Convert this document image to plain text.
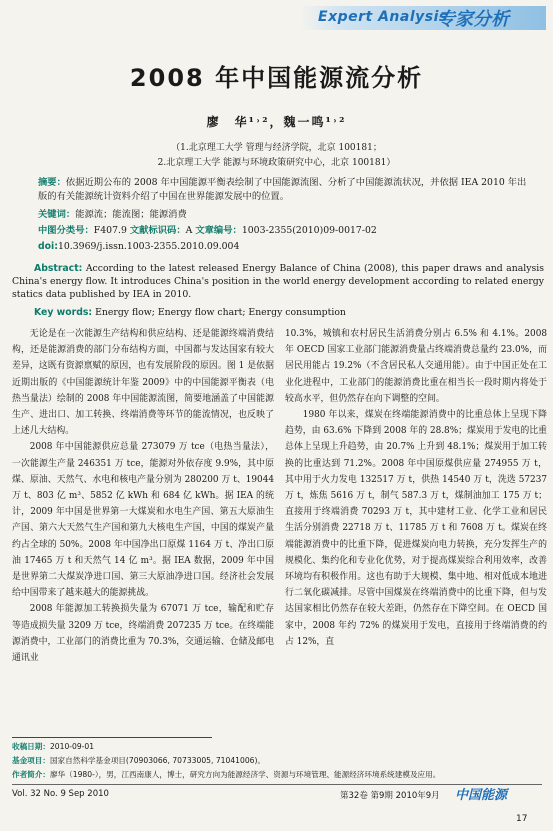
Expert Analysis
专家分析
2008 年中国能源流分析
廖　华¹˒²，魏一鸣¹˒²
（1.北京理工大学 管理与经济学院，北京 100181；
2.北京理工大学 能源与环境政策研究中心，北京 100181）
摘要：依据近期公布的 2008 年中国能源平衡表绘制了中国能源流图、分析了中国能源流状况，并依据 IEA 2010 年出版的有关能源统计资料介绍了中国在世界能源发展中的位置。
关键词：能源流；能流图；能源消费
中图分类号：F407.9 文献标识码：A 文章编号：1003-2355(2010)09-0017-02
doi:10.3969/j.issn.1003-2355.2010.09.004
Abstract: According to the latest released Energy Balance of China (2008), this paper draws and analysis China's energy flow. It introduces China's position in the world energy development according to related energy statics data published by IEA in 2010.
Key words: Energy flow; Energy flow chart; Energy consumption

无论是在一次能源生产结构和供应结构、还是能源终端消费结构，还是能源消费的部门分布结构方面，中国都与发达国家有较大差异，这既有资源禀赋的原因，也有发展阶段的原因。图 1 是依据近期出版的《中国能源统计年鉴 2009》中的中国能源平衡表（电热当量法）绘制的 2008 年中国能源流图，简要地涵盖了中国能源生产、进出口、加工转换、终端消费等环节的能流情况，也反映了上述几大结构。

2008 年中国能源供应总量 273079 万 tce（电热当量法），一次能源生产量 246351 万 tce，能源对外依存度 9.9%，其中原煤、原油、天然气、水电和核电产量分别为 280200 万 t、19044 万 t、803 亿 m³、5852 亿 kWh 和 684 亿 kWh。据 IEA 的统计，2009 年中国是世界第一大煤炭和水电生产国、第五大原油生产国、第六大天然气生产国和第九大核电生产国，中国的煤炭产量约占全球的 50%。2008 年中国净出口原煤 1164 万 t、净出口原油 17465 万 t 和天然气 14 亿 m³。据 IEA 数据，2009 年中国是世界第二大煤炭净进口国、第三大原油净进口国。经济社会发展给中国带来了越来越大的能源挑战。

2008 年能源加工转换损失量为 67071 万 tce，输配和贮存等造成损失量 3209 万 tce，终端消费 207235 万 tce。在终端能源消费中，工业部门的消费比重为 70.3%，交通运输、仓储及邮电通讯业

10.3%，城镇和农村居民生活消费分别占 6.5% 和 4.1%。2008 年 OECD 国家工业部门能源消费量占终端消费总量约 23.0%，而居民用能占 19.2%（不含居民私人交通用能）。由于中国正处在工业化进程中，工业部门的能源消费比重在相当长一段时期内将处于较高水平，但仍然存在向下调整的空间。

1980 年以来，煤炭在终端能源消费中的比重总体上呈现下降趋势，由 63.6% 下降到 2008 年的 28.8%；煤炭用于发电的比重总体上呈现上升趋势，由 20.7% 上升到 48.1%；煤炭用于加工转换的比重达到 71.2%。2008 年中国原煤供应量 274955 万 t，其中用于火力发电 132517 万 t，供热 14540 万 t，洗选 57237 万 t，炼焦 5616 万 t，制气 587.3 万 t，煤制油加工 175 万 t；直接用于终端消费 70293 万 t，其中建材工业、化学工业和居民生活分别消费 22718 万 t、11785 万 t 和 7608 万 t。煤炭在终端能源消费中的比重下降，促进煤炭向电力转换，充分发挥生产的规模化、集约化和专业化优势，对于提高煤炭综合利用效率，改善环境均有积极作用。这也有助于大规模、集中地、相对低成本地进行二氧化碳减排。尽管中国煤炭在终端消费中的比重下降，但与发达国家相比仍然存在较大差距，仍然存在下降空间。在 OECD 国家中，2008 年约 72% 的煤炭用于发电，直接用于终端消费的约占 12%，直

收稿日期：2010-09-01
基金项目：国家自然科学基金项目(70903066, 70733005, 71041006)。
作者简介：廖华（1980-），男，江西南康人，博士，研究方向为能源经济学、资源与环境管理、能源经济环境系统建模及应用。
Vol. 32 No. 9 Sep 2010	第32卷 第9期 2010年9月 中国能源
17
